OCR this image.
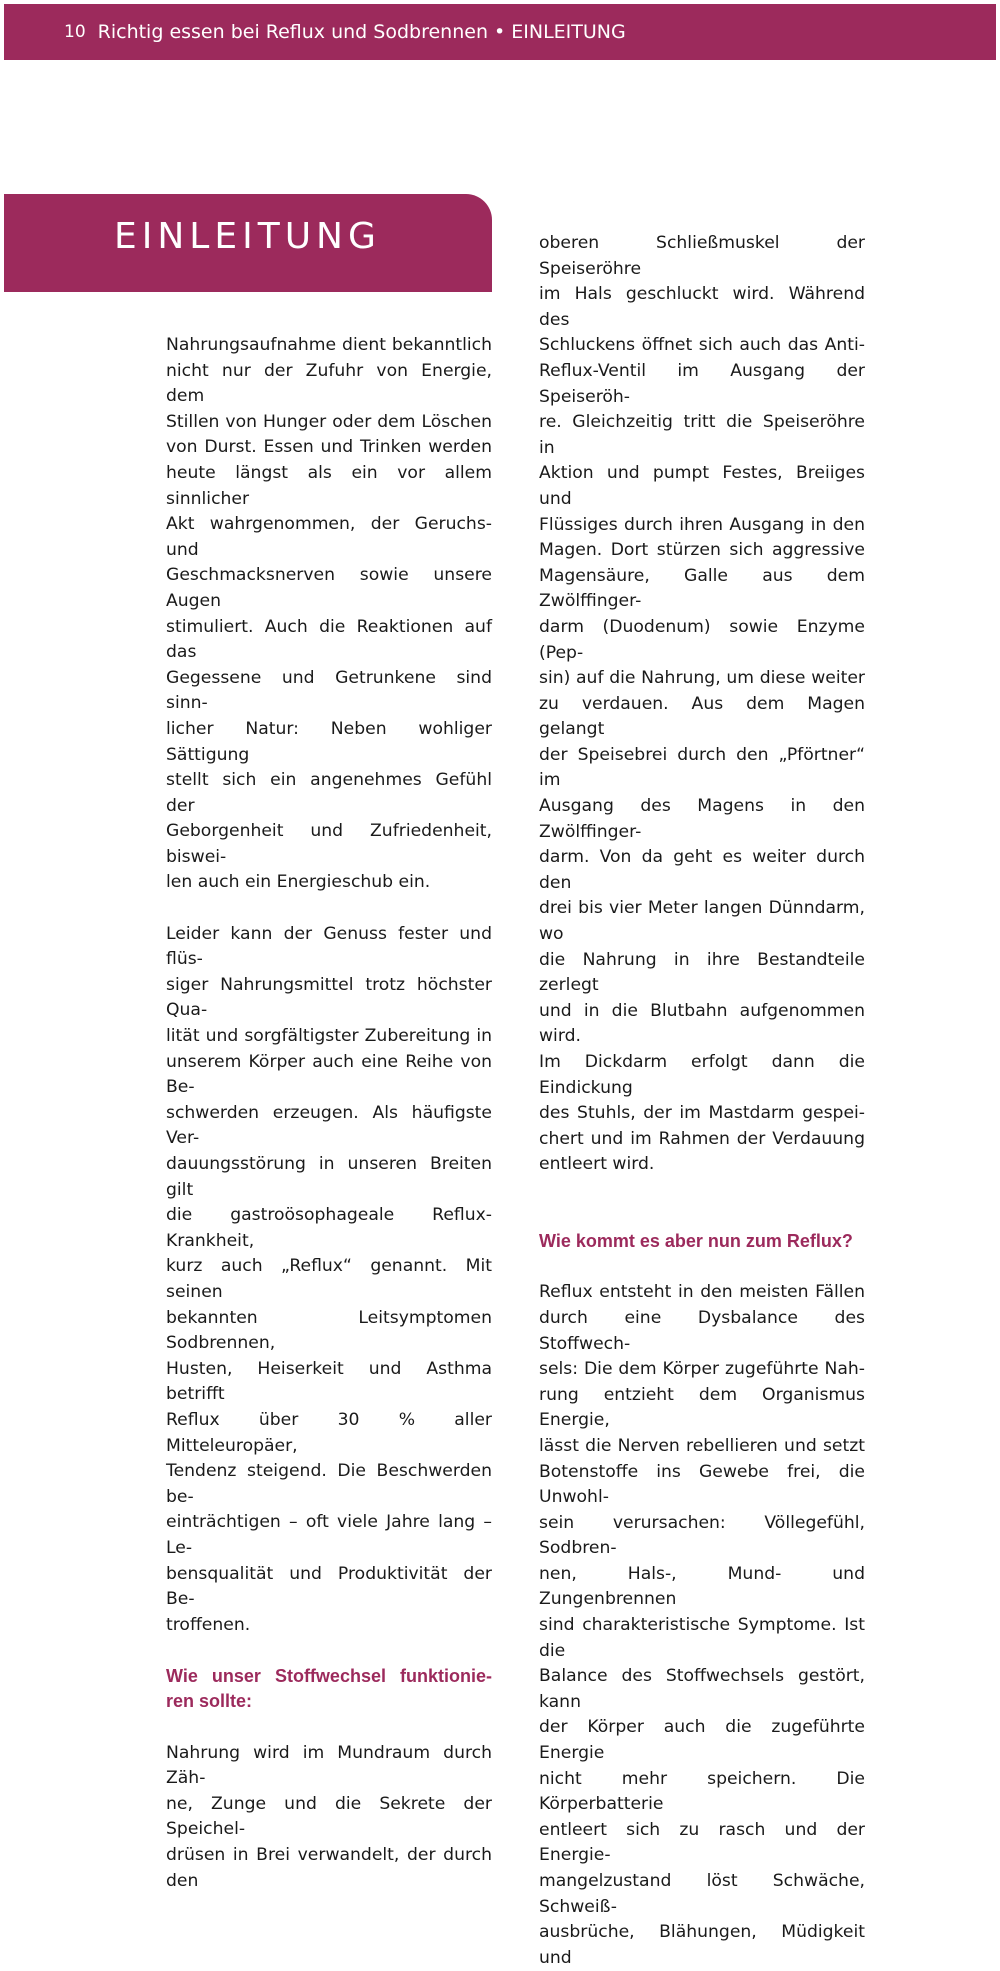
10 Richtig essen bei Reflux und Sodbrennen • EINLEITUNG
EINLEITUNG

Nahrungsaufnahme dient bekanntlich
nicht nur der Zufuhr von Energie, dem
Stillen von Hunger oder dem Löschen
von Durst. Essen und Trinken werden
heute längst als ein vor allem sinnlicher
Akt wahrgenommen, der Geruchs- und
Geschmacksnerven sowie unsere Augen
stimuliert. Auch die Reaktionen auf das
Gegessene und Getrunkene sind sinn-
licher Natur: Neben wohliger Sättigung
stellt sich ein angenehmes Gefühl der
Geborgenheit und Zufriedenheit, biswei-
len auch ein Energieschub ein.

Leider kann der Genuss fester und flüs-
siger Nahrungsmittel trotz höchster Qua-
lität und sorgfältigster Zubereitung in
unserem Körper auch eine Reihe von Be-
schwerden erzeugen. Als häufigste Ver-
dauungsstörung in unseren Breiten gilt
die gastroösophageale Reflux-Krankheit,
kurz auch „Reflux“ genannt. Mit seinen
bekannten Leitsymptomen Sodbrennen,
Husten, Heiserkeit und Asthma betrifft
Reflux über 30 % aller Mitteleuropäer,
Tendenz steigend. Die Beschwerden be-
einträchtigen – oft viele Jahre lang – Le-
bensqualität und Produktivität der Be-
troffenen.

Wie unser Stoffwechsel funktionie-
ren sollte:

Nahrung wird im Mundraum durch Zäh-
ne, Zunge und die Sekrete der Speichel-
drüsen in Brei verwandelt, der durch den

oberen Schließmuskel der Speiseröhre
im Hals geschluckt wird. Während des
Schluckens öffnet sich auch das Anti-
Reflux-Ventil im Ausgang der Speiseröh-
re. Gleichzeitig tritt die Speiseröhre in
Aktion und pumpt Festes, Breiiges und
Flüssiges durch ihren Ausgang in den
Magen. Dort stürzen sich aggressive
Magensäure, Galle aus dem Zwölffinger-
darm (Duodenum) sowie Enzyme (Pep-
sin) auf die Nahrung, um diese weiter
zu verdauen. Aus dem Magen gelangt
der Speisebrei durch den „Pförtner“ im
Ausgang des Magens in den Zwölffinger-
darm. Von da geht es weiter durch den
drei bis vier Meter langen Dünndarm, wo
die Nahrung in ihre Bestandteile zerlegt
und in die Blutbahn aufgenommen wird.
Im Dickdarm erfolgt dann die Eindickung
des Stuhls, der im Mastdarm gespei-
chert und im Rahmen der Verdauung
entleert wird.

Wie kommt es aber nun zum Reflux?

Reflux entsteht in den meisten Fällen
durch eine Dysbalance des Stoffwech-
sels: Die dem Körper zugeführte Nah-
rung entzieht dem Organismus Energie,
lässt die Nerven rebellieren und setzt
Botenstoffe ins Gewebe frei, die Unwohl-
sein verursachen: Völlegefühl, Sodbren-
nen, Hals-, Mund- und Zungenbrennen
sind charakteristische Symptome. Ist die
Balance des Stoffwechsels gestört, kann
der Körper auch die zugeführte Energie
nicht mehr speichern. Die Körperbatterie
entleert sich zu rasch und der Energie-
mangelzustand löst Schwäche, Schweiß-
ausbrüche, Blähungen, Müdigkeit und
